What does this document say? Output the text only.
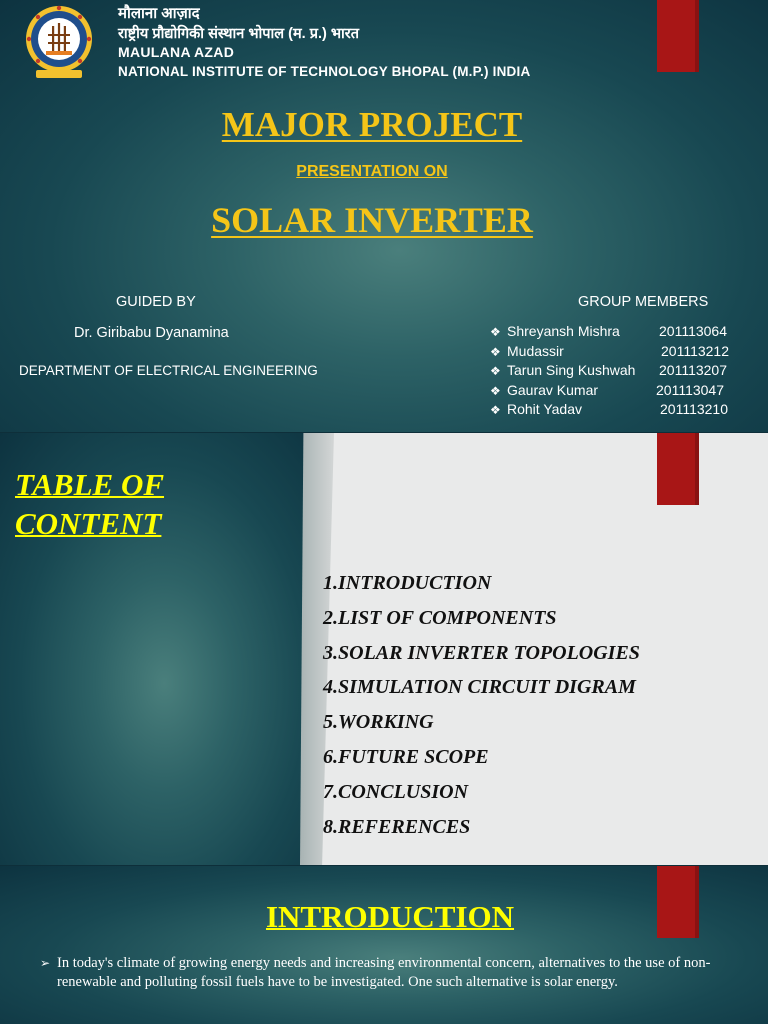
मौलाना आज़ाद
राष्ट्रीय प्रौद्योगिकी संस्थान भोपाल (म. प्र.) भारत
MAULANA AZAD
NATIONAL INSTITUTE OF TECHNOLOGY BHOPAL (M.P.) INDIA
MAJOR PROJECT
PRESENTATION ON
SOLAR INVERTER
GUIDED BY
Dr. Giribabu Dyanamina
DEPARTMENT OF ELECTRICAL ENGINEERING
GROUP MEMBERS
❖ Shreyansh Mishra	201113064
❖ Mudassir	201113212
❖ Tarun Sing Kushwah 201113207
❖ Gaurav Kumar	201113047
❖ Rohit Yadav	201113210
TABLE OF
CONTENT
1.INTRODUCTION
2.LIST OF COMPONENTS
3.SOLAR INVERTER TOPOLOGIES
4.SIMULATION CIRCUIT DIGRAM
5.WORKING
6.FUTURE SCOPE
7.CONCLUSION
8.REFERENCES
INTRODUCTION
➢ In today's climate of growing energy needs and increasing environmental concern, alternatives to the use of non-renewable and polluting fossil fuels have to be investigated. One such alternative is solar energy.
